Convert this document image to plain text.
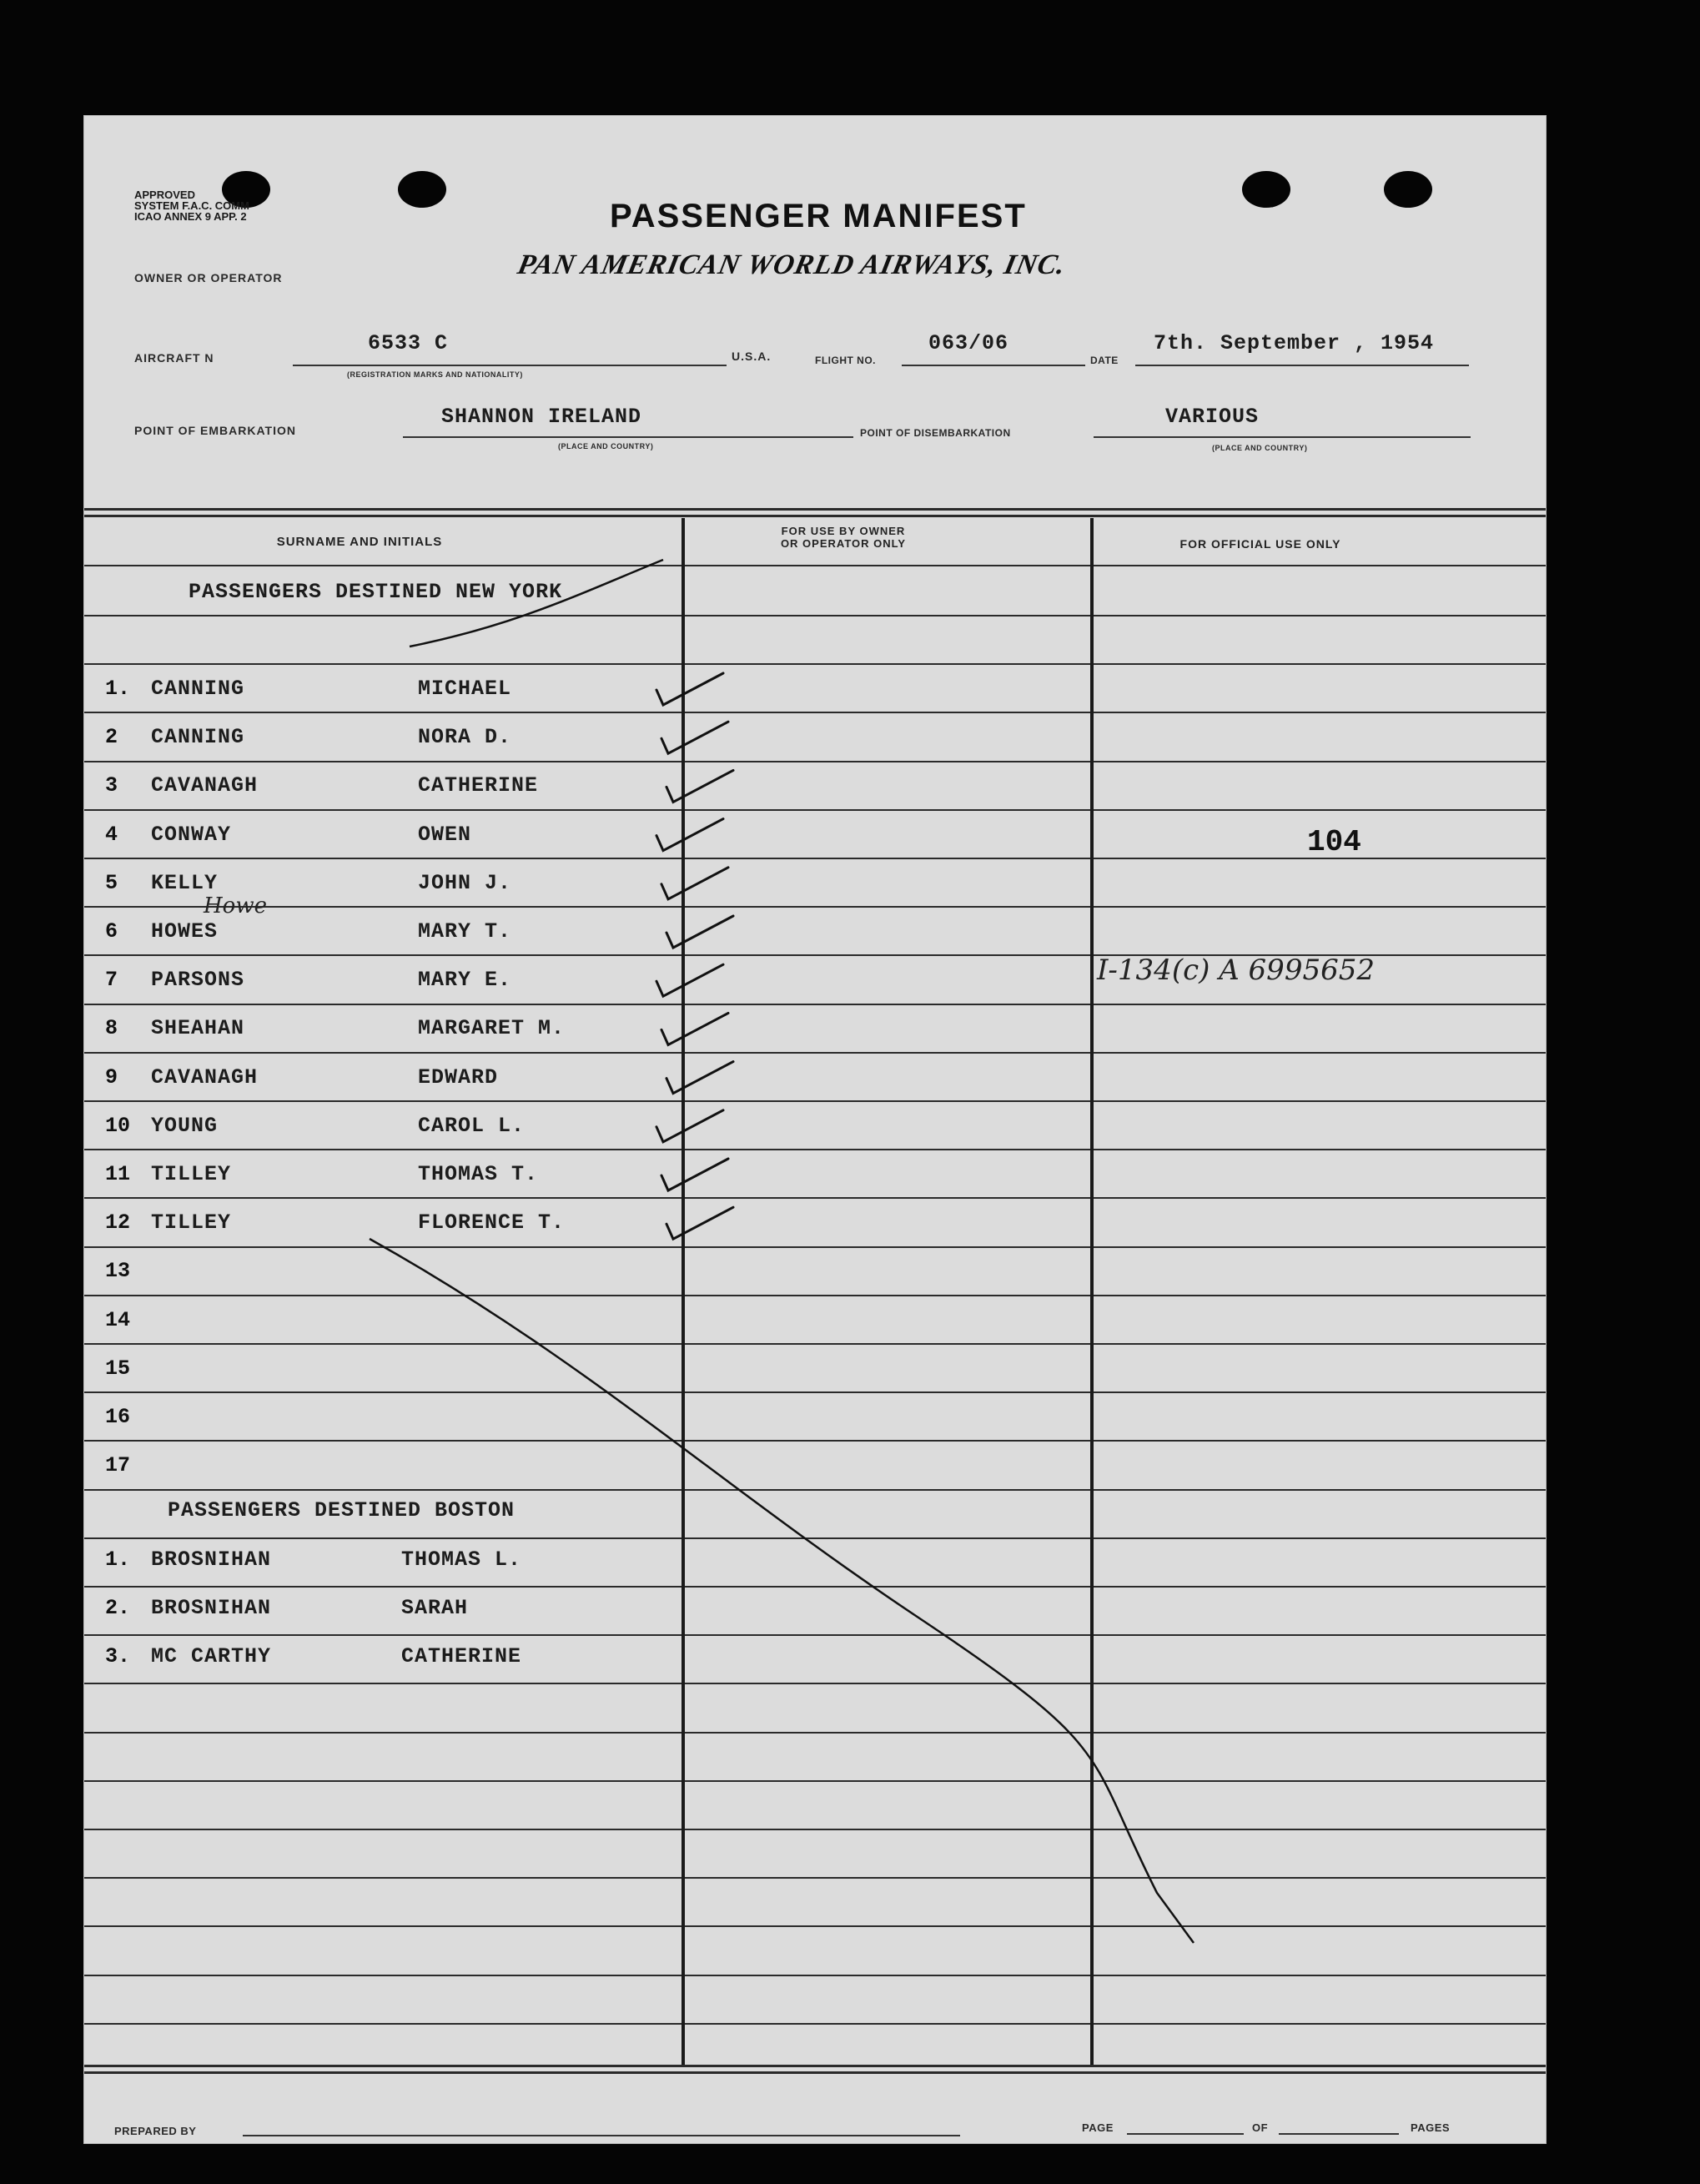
APPROVED
SYSTEM F.A.C. COMM
ICAO ANNEX 9 APP. 2	PASSENGER MANIFEST
OWNER OR OPERATOR	PAN AMERICAN WORLD AIRWAYS, INC.
AIRCRAFT N
6533 C
(REGISTRATION MARKS AND NATIONALITY)
U.S.A.	FLIGHT NO.
063/06
DATE
7th. September , 1954
POINT OF EMBARKATION
SHANNON IRELAND
(PLACE AND COUNTRY)
POINT OF DISEMBARKATION
VARIOUS
(PLACE AND COUNTRY)
SURNAME AND INITIALS
FOR USE BY OWNER
OR OPERATOR ONLY	FOR OFFICIAL USE ONLY
PASSENGERS DESTINED NEW YORK
1. CANNING	MICHAEL
2 CANNING	NORA D.
3 CAVANAGH	CATHERINE
4 CONWAY	OWEN
5 KELLY	JOHN J.
6 HOWES	MARY T.
7 PARSONS	MARY E.
8 SHEAHAN	MARGARET M.
9 CAVANAGH	EDWARD
10 YOUNG	CAROL L.
11 TILLEY	THOMAS T.
12 TILLEY	FLORENCE T.
13
14
15
16
17
PASSENGERS DESTINED BOSTON
1. BROSNIHAN	THOMAS L.
2. BROSNIHAN	SARAH
3. MC CARTHY	CATHERINE
104
Howe
I-134(c) A 6995652
PREPARED BY	PAGE	OF	PAGES
